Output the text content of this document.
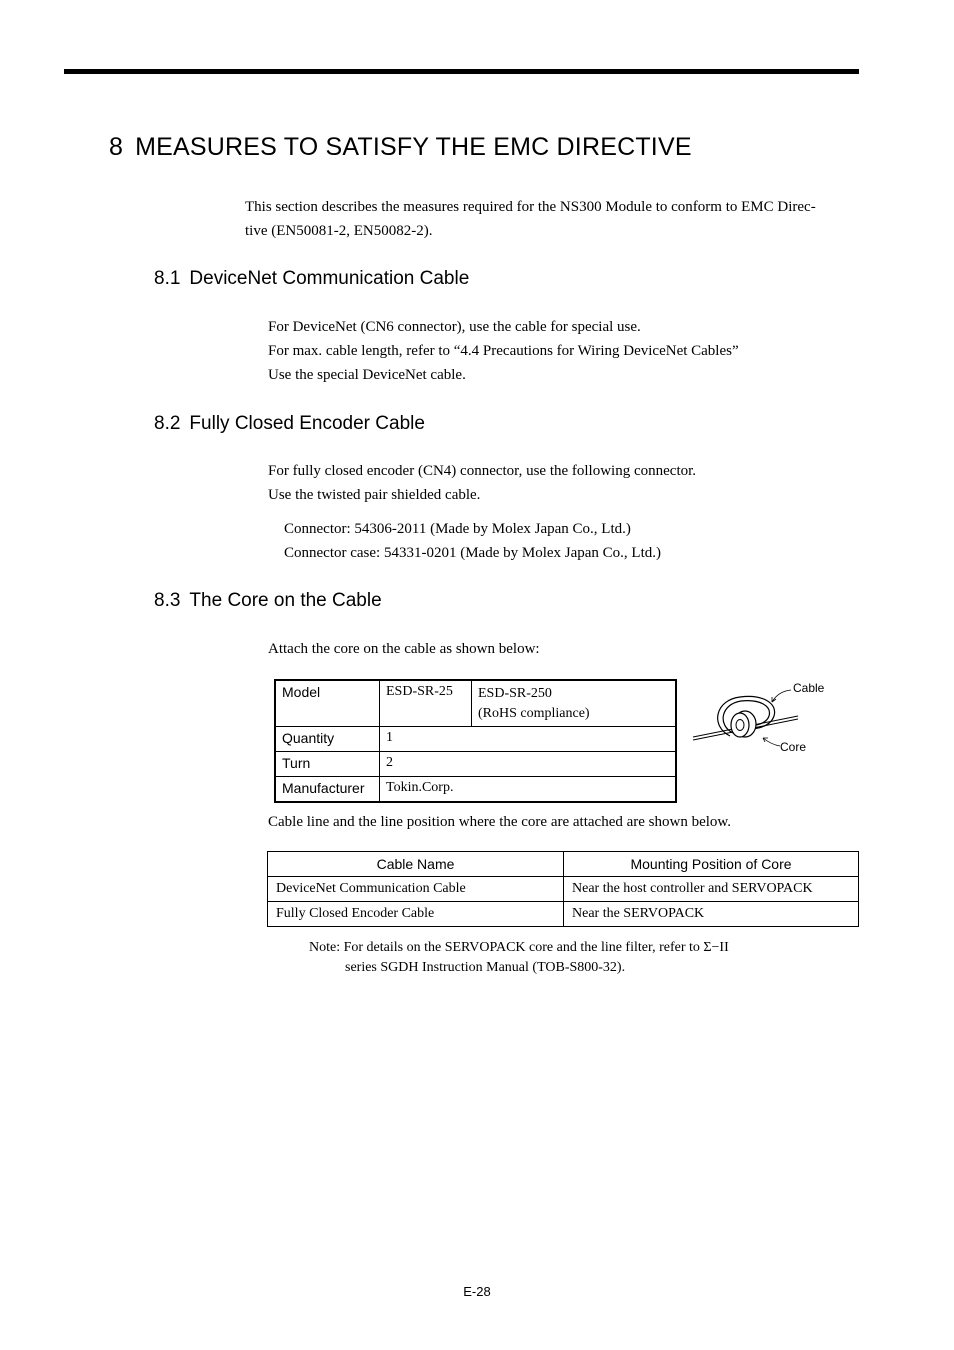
8 MEASURES TO SATISFY THE EMC DIRECTIVE
This section describes the measures required for the NS300 Module to conform to EMC Direc-
tive (EN50081-2, EN50082-2).
8.1 DeviceNet Communication Cable
For DeviceNet (CN6 connector), use the cable for special use.
For max. cable length, refer to “4.4 Precautions for Wiring DeviceNet Cables”
Use the special DeviceNet cable.
8.2 Fully Closed Encoder Cable
For fully closed encoder (CN4) connector, use the following connector.
Use the twisted pair shielded cable.
Connector: 54306-2011 (Made by Molex Japan Co., Ltd.)
Connector case: 54331-0201 (Made by Molex Japan Co., Ltd.)
8.3 The Core on the Cable
Attach the core on the cable as shown below:
Model	ESD-SR-25	ESD-SR-250
(RoHS compliance)

Quantity	1	
Turn	2	
Manufacturer	Tokin.Corp.	
Cable
Core
Cable line and the line position where the core are attached are shown below.
Cable Name	Mounting Position of Core
DeviceNet Communication Cable	Near the host controller and SERVOPACK
Fully Closed Encoder Cable	Near the SERVOPACK
Note: For details on the SERVOPACK core and the line filter, refer to Σ−II
series SGDH Instruction Manual (TOB-S800-32).
E-28
